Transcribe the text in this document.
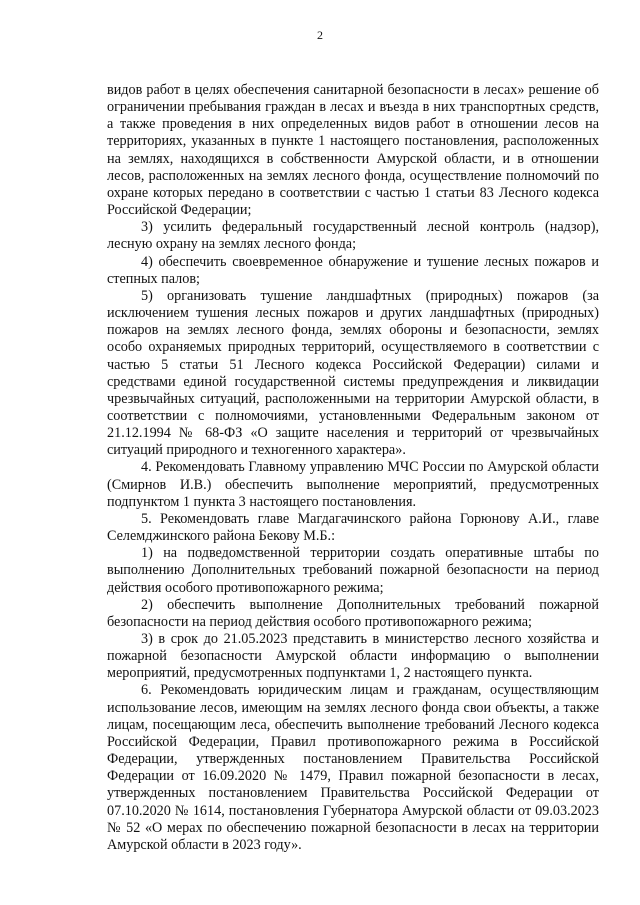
2

видов работ в целях обеспечения санитарной безопасности в лесах» решение об ограничении пребывания граждан в лесах и въезда в них транспортных средств, а также проведения в них определенных видов работ в отношении лесов на территориях, указанных в пункте 1 настоящего постановления, расположенных на землях, находящихся в собственности Амурской области, и в отношении лесов, расположенных на землях лесного фонда, осуществление полномочий по охране которых передано в соответствии с частью 1 статьи 83 Лесного кодекса Российской Федерации;

3) усилить федеральный государственный лесной контроль (надзор), лесную охрану на землях лесного фонда;

4) обеспечить своевременное обнаружение и тушение лесных пожаров и степных палов;

5) организовать тушение ландшафтных (природных) пожаров (за исключением тушения лесных пожаров и других ландшафтных (природных) пожаров на землях лесного фонда, землях обороны и безопасности, землях особо охраняемых природных территорий, осуществляемого в соответствии с частью 5 статьи 51 Лесного кодекса Российской Федерации) силами и средствами единой государственной системы предупреждения и ликвидации чрезвычайных ситуаций, расположенными на территории Амурской области, в соответствии с полномочиями, установленными Федеральным законом от 21.12.1994 № 68-ФЗ «О защите населения и территорий от чрезвычайных ситуаций природного и техногенного характера».

4. Рекомендовать Главному управлению МЧС России по Амурской области (Смирнов И.В.) обеспечить выполнение мероприятий, предусмотренных подпунктом 1 пункта 3 настоящего постановления.

5. Рекомендовать главе Магдагачинского района Горюнову А.И., главе Селемджинского района Бекову М.Б.:

1) на подведомственной территории создать оперативные штабы по выполнению Дополнительных требований пожарной безопасности на период действия особого противопожарного режима;

2) обеспечить выполнение Дополнительных требований пожарной безопасности на период действия особого противопожарного режима;

3) в срок до 21.05.2023 представить в министерство лесного хозяйства и пожарной безопасности Амурской области информацию о выполнении мероприятий, предусмотренных подпунктами 1, 2 настоящего пункта.

6. Рекомендовать юридическим лицам и гражданам, осуществляющим использование лесов, имеющим на землях лесного фонда свои объекты, а также лицам, посещающим леса, обеспечить выполнение требований Лесного кодекса Российской Федерации, Правил противопожарного режима в Российской Федерации, утвержденных постановлением Правительства Российской Федерации от 16.09.2020 № 1479, Правил пожарной безопасности в лесах, утвержденных постановлением Правительства Российской Федерации от 07.10.2020 № 1614, постановления Губернатора Амурской области от 09.03.2023 № 52 «О мерах по обеспечению пожарной безопасности в лесах на территории Амурской области в 2023 году».
